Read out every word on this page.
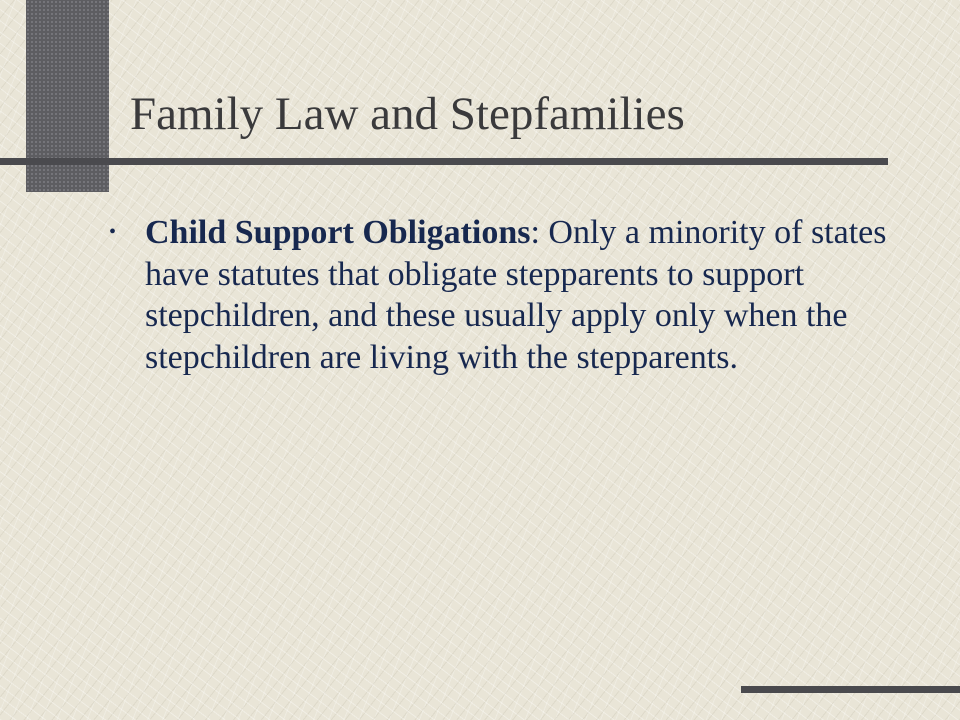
Family Law and Stepfamilies
• Child Support Obligations: Only a minority of states have statutes that obligate stepparents to support stepchildren, and these usually apply only when the stepchildren are living with the stepparents.
